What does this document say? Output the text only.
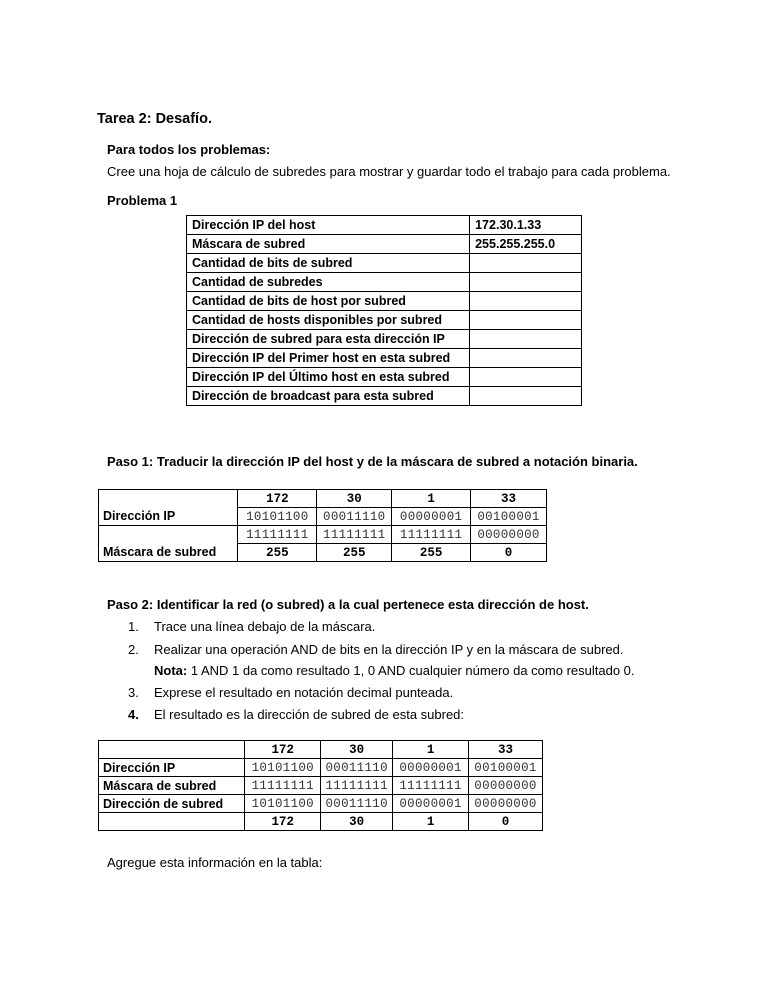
Tarea 2: Desafío.
Para todos los problemas:
Cree una hoja de cálculo de subredes para mostrar y guardar todo el trabajo para cada problema.
Problema 1
Dirección IP del host	172.30.1.33
Máscara de subred	255.255.255.0
Cantidad de bits de subred	
Cantidad de subredes	
Cantidad de bits de host por subred	
Cantidad de hosts disponibles por subred	
Dirección de subred para esta dirección IP	
Dirección IP del Primer host en esta subred	
Dirección IP del Último host en esta subred	
Dirección de broadcast para esta subred	
Paso 1: Traducir la dirección IP del host y de la máscara de subred a notación binaria.
Dirección IP	172	30	1	33
	10101100	00011110	00000001	00100001
Máscara de subred	11111111	11111111	11111111	00000000
	255	255	255	0
Paso 2: Identificar la red (o subred) a la cual pertenece esta dirección de host.
1. Trace una línea debajo de la máscara.
2. Realizar una operación AND de bits en la dirección IP y en la máscara de subred.
Nota: 1 AND 1 da como resultado 1, 0 AND cualquier número da como resultado 0.
3. Exprese el resultado en notación decimal punteada.
4. El resultado es la dirección de subred de esta subred:
	172	30	1	33
Dirección IP	10101100	00011110	00000001	00100001
Máscara de subred	11111111	11111111	11111111	00000000
Dirección de subred	10101100	00011110	00000001	00000000
	172	30	1	0
Agregue esta información en la tabla:
